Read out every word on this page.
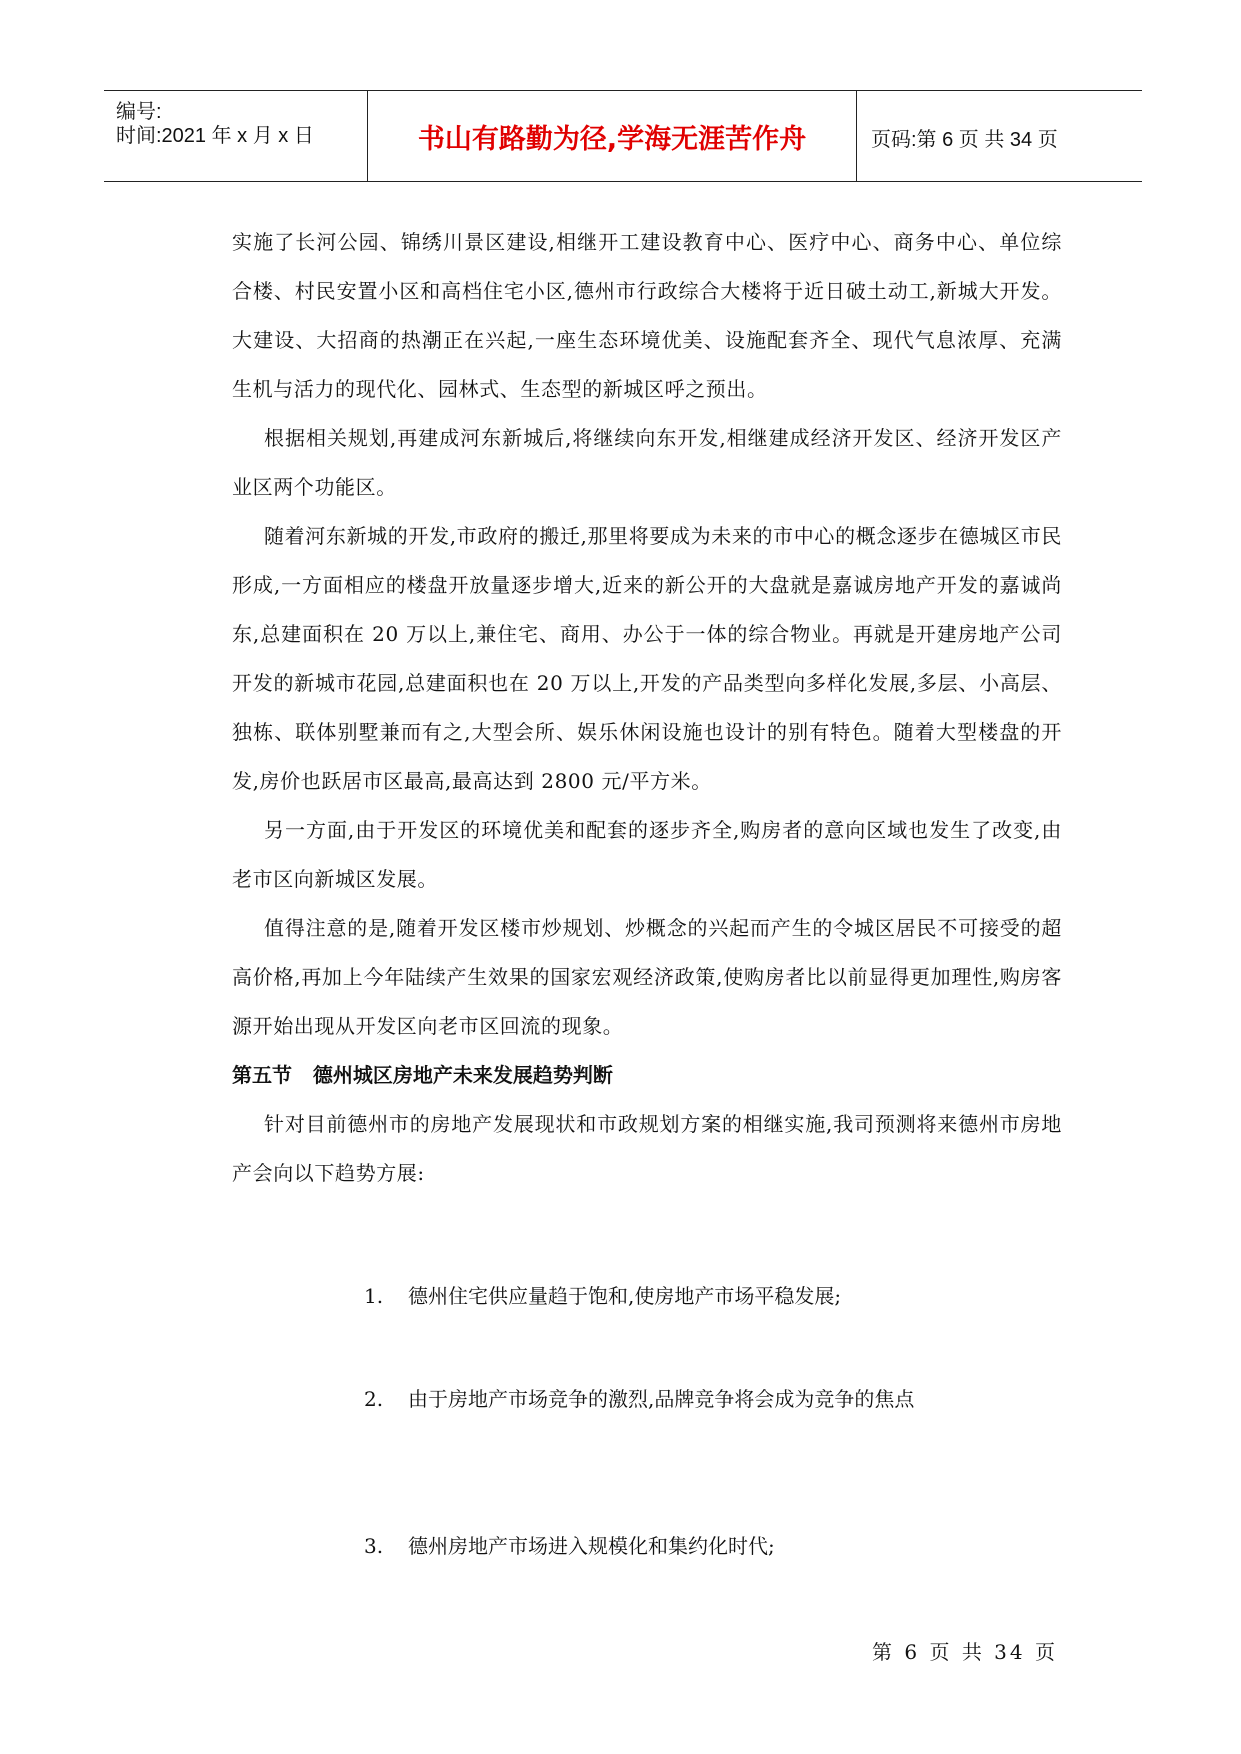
编号:
时间:2021 年 x 月 x 日	书山有路勤为径,学海无涯苦作舟	页码:第 6 页 共 34 页

实施了长河公园、锦绣川景区建设,相继开工建设教育中心、医疗中心、商务中心、单位综合楼、村民安置小区和高档住宅小区,德州市行政综合大楼将于近日破土动工,新城大开发。大建设、大招商的热潮正在兴起,一座生态环境优美、设施配套齐全、现代气息浓厚、充满生机与活力的现代化、园林式、生态型的新城区呼之预出。

根据相关规划,再建成河东新城后,将继续向东开发,相继建成经济开发区、经济开发区产业区两个功能区。

随着河东新城的开发,市政府的搬迁,那里将要成为未来的市中心的概念逐步在德城区市民形成,一方面相应的楼盘开放量逐步增大,近来的新公开的大盘就是嘉诚房地产开发的嘉诚尚东,总建面积在 20 万以上,兼住宅、商用、办公于一体的综合物业。再就是开建房地产公司开发的新城市花园,总建面积也在 20 万以上,开发的产品类型向多样化发展,多层、小高层、独栋、联体别墅兼而有之,大型会所、娱乐休闲设施也设计的别有特色。随着大型楼盘的开发,房价也跃居市区最高,最高达到 2800 元/平方米。

另一方面,由于开发区的环境优美和配套的逐步齐全,购房者的意向区域也发生了改变,由老市区向新城区发展。

值得注意的是,随着开发区楼市炒规划、炒概念的兴起而产生的令城区居民不可接受的超高价格,再加上今年陆续产生效果的国家宏观经济政策,使购房者比以前显得更加理性,购房客源开始出现从开发区向老市区回流的现象。

第五节   德州城区房地产未来发展趋势判断

针对目前德州市的房地产发展现状和市政规划方案的相继实施,我司预测将来德州市房地产会向以下趋势方展:

1. 德州住宅供应量趋于饱和,使房地产市场平稳发展;
2. 由于房地产市场竞争的激烈,品牌竞争将会成为竞争的焦点
3. 德州房地产市场进入规模化和集约化时代;
第 6 页 共 34 页
